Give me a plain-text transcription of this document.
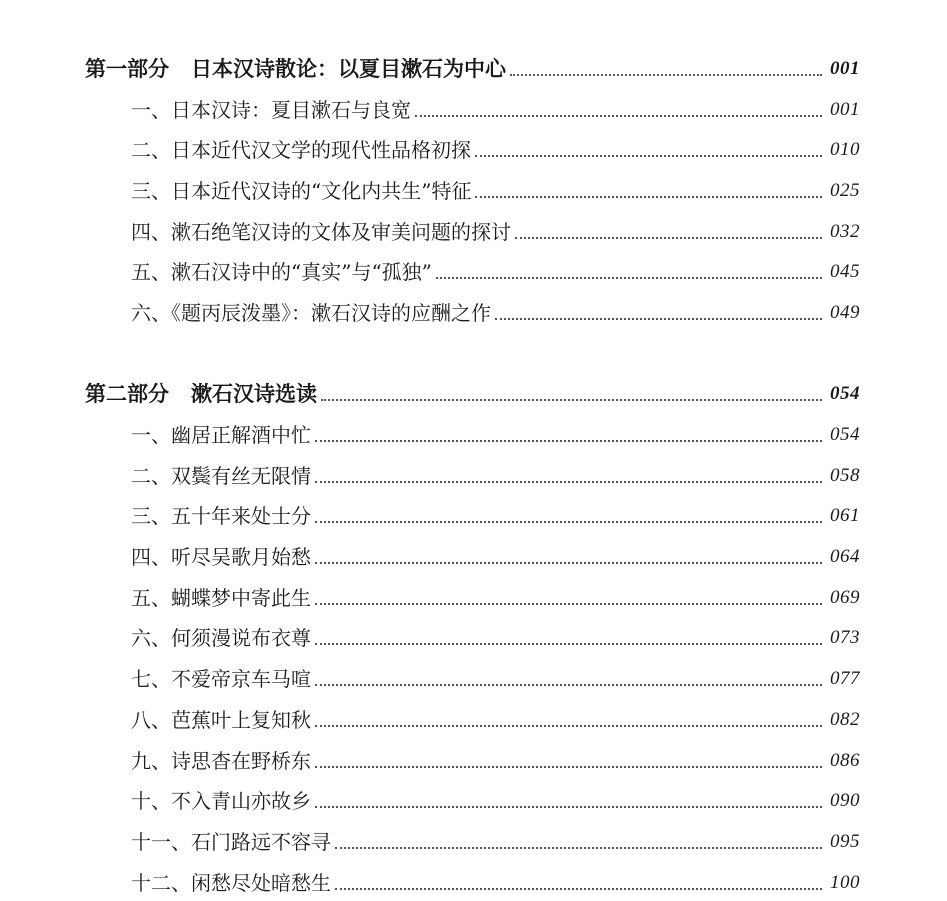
第一部分 日本汉诗散论：以夏目漱石为中心	001
一、日本汉诗：夏目漱石与良宽	001
二、日本近代汉文学的现代性品格初探	010
三、日本近代汉诗的“文化内共生”特征	025
四、漱石绝笔汉诗的文体及审美问题的探讨	032
五、漱石汉诗中的“真实”与“孤独”	045
六、《题丙辰泼墨》：漱石汉诗的应酬之作	049
第二部分 漱石汉诗选读	054
一、幽居正解酒中忙	054
二、双鬓有丝无限情	058
三、五十年来处士分	061
四、听尽吴歌月始愁	064
五、蝴蝶梦中寄此生	069
六、何须漫说布衣尊	073
七、不爱帝京车马喧	077
八、芭蕉叶上复知秋	082
九、诗思杳在野桥东	086
十、不入青山亦故乡	090
十一、石门路远不容寻	095
十二、闲愁尽处暗愁生	100
